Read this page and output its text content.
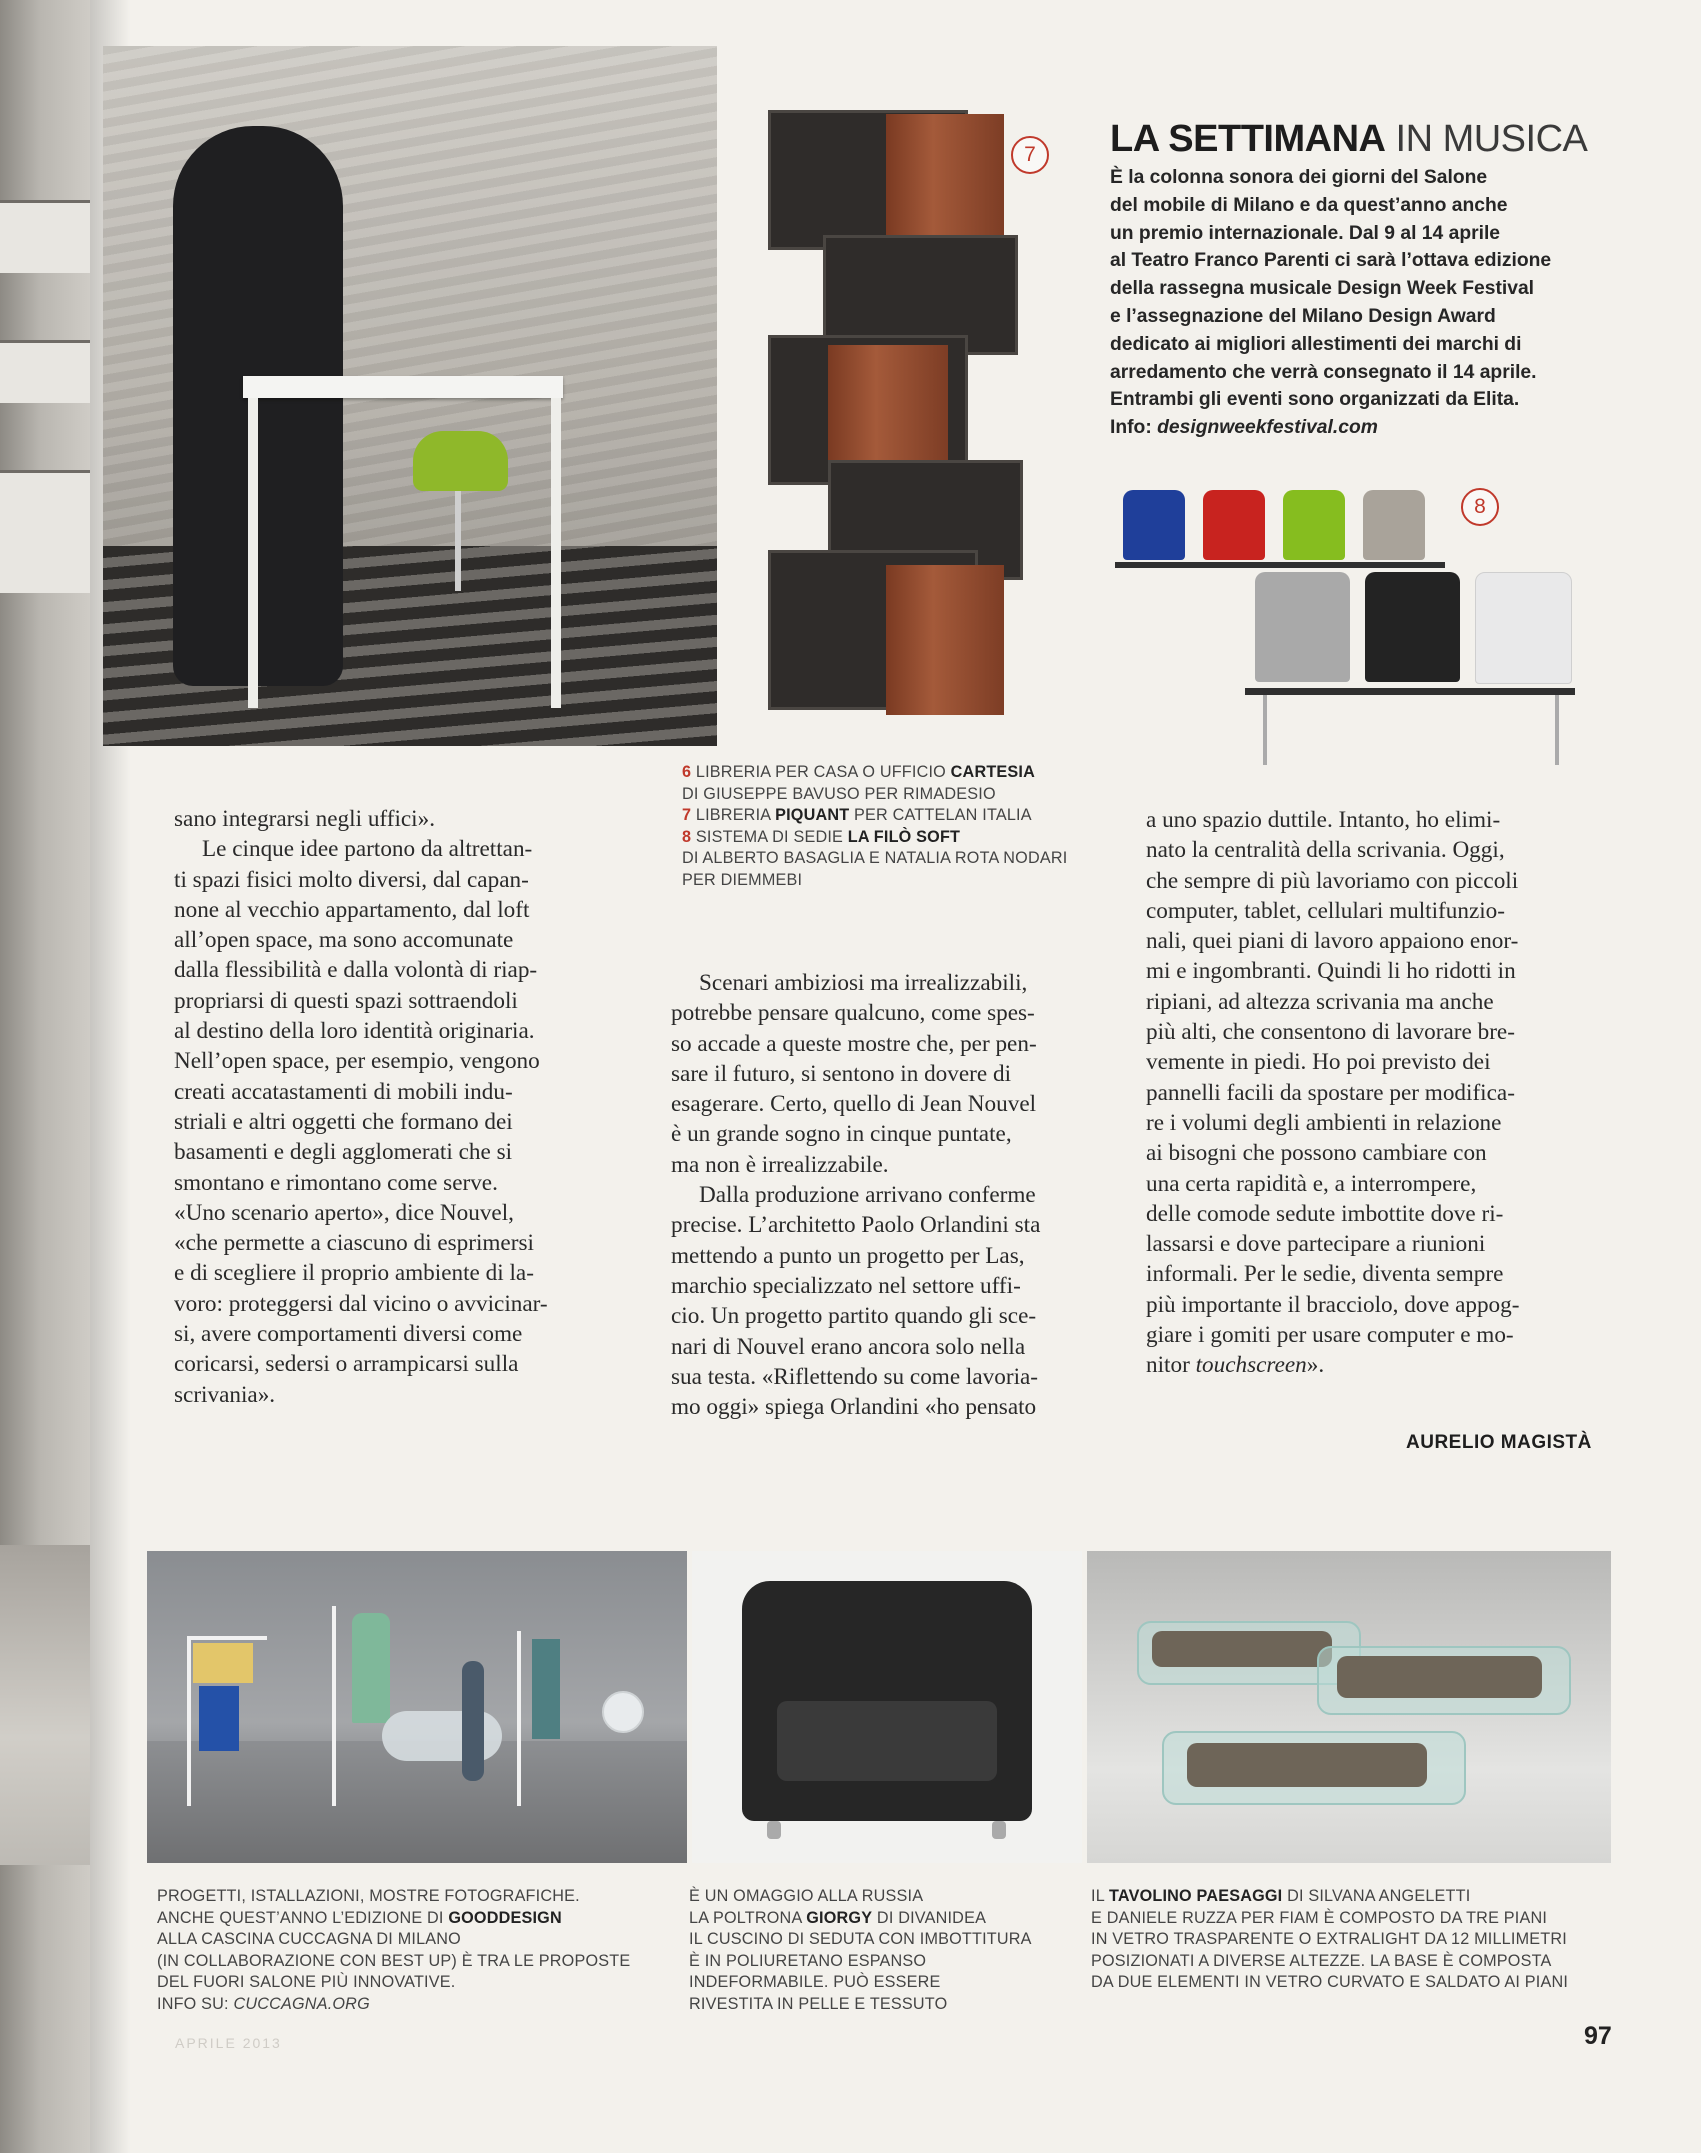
7	LA SETTIMANA IN MUSICA

È la colonna sonora dei giorni del Salone

del mobile di Milano e da quest’anno anche

un premio internazionale. Dal 9 al 14 aprile

al Teatro Franco Parenti ci sarà l’ottava edizione

della rassegna musicale Design Week Festival

e l’assegnazione del Milano Design Award

dedicato ai migliori allestimenti dei marchi di

arredamento che verrà consegnato il 14 aprile.

Entrambi gli eventi sono organizzati da Elita.

Info: designweekfestival.com

8

6 LIBRERIA PER CASA O UFFICIO CARTESIA

DI GIUSEPPE BAVUSO PER RIMADESIO

7 LIBRERIA PIQUANT PER CATTELAN ITALIA

8 SISTEMA DI SEDIE LA FILÒ SOFT

DI ALBERTO BASAGLIA E NATALIA ROTA NODARI

PER DIEMMEBI

sano integrarsi negli uffici».

Le cinque idee partono da altrettan-

ti spazi fisici molto diversi, dal capan-

none al vecchio appartamento, dal loft

all’open space, ma sono accomunate

dalla flessibilità e dalla volontà di riap-

propriarsi di questi spazi sottraendoli

al destino della loro identità originaria.

Nell’open space, per esempio, vengono

creati accatastamenti di mobili indu-

striali e altri oggetti che formano dei

basamenti e degli agglomerati che si

smontano e rimontano come serve.

«Uno scenario aperto», dice Nouvel,

«che permette a ciascuno di esprimersi

e di scegliere il proprio ambiente di la-

voro: proteggersi dal vicino o avvicinar-

si, avere comportamenti diversi come

coricarsi, sedersi o arrampicarsi sulla

scrivania».

Scenari ambiziosi ma irrealizzabili,

potrebbe pensare qualcuno, come spes-

so accade a queste mostre che, per pen-

sare il futuro, si sentono in dovere di

esagerare. Certo, quello di Jean Nouvel

è un grande sogno in cinque puntate,

ma non è irrealizzabile.

Dalla produzione arrivano conferme

precise. L’architetto Paolo Orlandini sta

mettendo a punto un progetto per Las,

marchio specializzato nel settore uffi-

cio. Un progetto partito quando gli sce-

nari di Nouvel erano ancora solo nella

sua testa. «Riflettendo su come lavoria-

mo oggi» spiega Orlandini «ho pensato

a uno spazio duttile. Intanto, ho elimi-

nato la centralità della scrivania. Oggi,

che sempre di più lavoriamo con piccoli

computer, tablet, cellulari multifunzio-

nali, quei piani di lavoro appaiono enor-

mi e ingombranti. Quindi li ho ridotti in

ripiani, ad altezza scrivania ma anche

più alti, che consentono di lavorare bre-

vemente in piedi. Ho poi previsto dei

pannelli facili da spostare per modifica-

re i volumi degli ambienti in relazione

ai bisogni che possono cambiare con

una certa rapidità e, a interrompere,

delle comode sedute imbottite dove ri-

lassarsi e dove partecipare a riunioni

informali. Per le sedie, diventa sempre

più importante il bracciolo, dove appog-

giare i gomiti per usare computer e mo-

nitor touchscreen».

AURELIO MAGISTÀ

PROGETTI, ISTALLAZIONI, MOSTRE FOTOGRAFICHE.

ANCHE QUEST’ANNO L’EDIZIONE DI GOODDESIGN

ALLA CASCINA CUCCAGNA DI MILANO

(IN COLLABORAZIONE CON BEST UP) È TRA LE PROPOSTE

DEL FUORI SALONE PIÙ INNOVATIVE.

INFO SU: CUCCAGNA.ORG

È UN OMAGGIO ALLA RUSSIA

LA POLTRONA GIORGY DI DIVANIDEA

IL CUSCINO DI SEDUTA CON IMBOTTITURA

È IN POLIURETANO ESPANSO

INDEFORMABILE. PUÒ ESSERE

RIVESTITA IN PELLE E TESSUTO

IL TAVOLINO PAESAGGI DI SILVANA ANGELETTI

E DANIELE RUZZA PER FIAM È COMPOSTO DA TRE PIANI

IN VETRO TRASPARENTE O EXTRALIGHT DA 12 MILLIMETRI

POSIZIONATI A DIVERSE ALTEZZE. LA BASE È COMPOSTA

DA DUE ELEMENTI IN VETRO CURVATO E SALDATO AI PIANI

APRILE 2013	97
